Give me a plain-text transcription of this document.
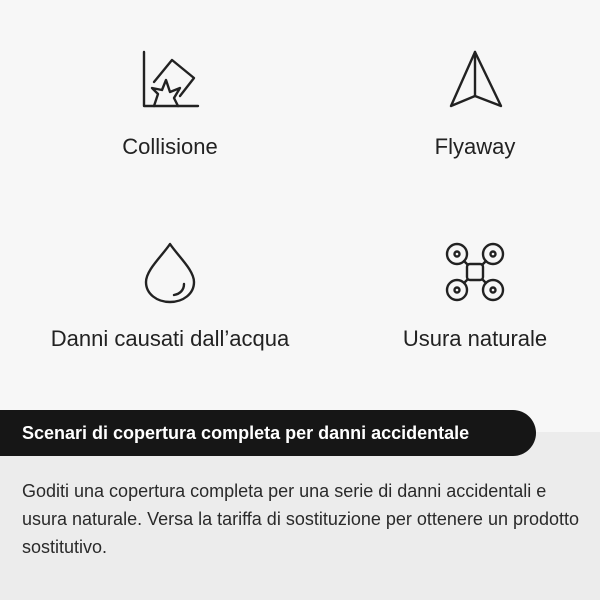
Collisione	Flyaway
Danni causati dall’acqua	Usura naturale
Scenari di copertura completa per danni accidentale
Goditi una copertura completa per una serie di danni accidentali e usura naturale. Versa la tariffa di sostituzione per ottenere un prodotto sostitutivo.
